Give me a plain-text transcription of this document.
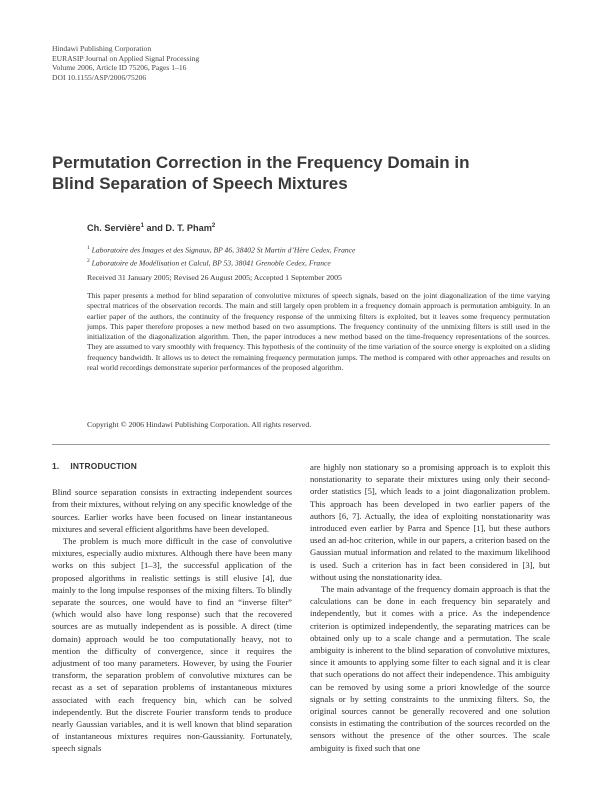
Hindawi Publishing Corporation
EURASIP Journal on Applied Signal Processing
Volume 2006, Article ID 75206, Pages 1–16
DOI 10.1155/ASP/2006/75206
Permutation Correction in the Frequency Domain in
Blind Separation of Speech Mixtures
Ch. Servière$^1$ and D. T. Pham$^2$
$^1$ Laboratoire des Images et des Signaux, BP 46, 38402 St Martin d’Hère Cedex, France
$^2$ Laboratoire de Modélisation et Calcul, BP 53, 38041 Grenoble Cedex, France
Received 31 January 2005; Revised 26 August 2005; Accepted 1 September 2005

This paper presents a method for blind separation of convolutive mixtures of speech signals, based on the joint diagonalization of the time varying spectral matrices of the observation records. The main and still largely open problem in a frequency domain approach is permutation ambiguity. In an earlier paper of the authors, the continuity of the frequency response of the unmixing filters is exploited, but it leaves some frequency permutation jumps. This paper therefore proposes a new method based on two assumptions. The frequency continuity of the unmixing filters is still used in the initialization of the diagonalization algorithm. Then, the paper introduces a new method based on the time-frequency representations of the sources. They are assumed to vary smoothly with frequency. This hypothesis of the continuity of the time variation of the source energy is exploited on a sliding frequency bandwidth. It allows us to detect the remaining frequency permutation jumps. The method is compared with other approaches and results on real world recordings demonstrate superior performances of the proposed algorithm.

Copyright © 2006 Hindawi Publishing Corporation. All rights reserved.
1. INTRODUCTION

Blind source separation consists in extracting independent sources from their mixtures, without relying on any specific knowledge of the sources. Earlier works have been focused on linear instantaneous mixtures and several efficient algorithms have been developed.

The problem is much more difficult in the case of convolutive mixtures, especially audio mixtures. Although there have been many works on this subject [1–3], the successful application of the proposed algorithms in realistic settings is still elusive [4], due mainly to the long impulse responses of the mixing filters. To blindly separate the sources, one would have to find an “inverse filter” (which would also have long response) such that the recovered sources are as mutually independent as is possible. A direct (time domain) approach would be too computationally heavy, not to mention the difficulty of convergence, since it requires the adjustment of too many parameters. However, by using the Fourier transform, the separation problem of convolutive mixtures can be recast as a set of separation problems of instantaneous mixtures associated with each frequency bin, which can be solved independently. But the discrete Fourier transform tends to produce nearly Gaussian variables, and it is well known that blind separation of instantaneous mixtures requires non-Gaussianity. Fortunately, speech signals

are highly non stationary so a promising approach is to exploit this nonstationarity to separate their mixtures using only their second-order statistics [5], which leads to a joint diagonalization problem. This approach has been developed in two earlier papers of the authors [6, 7]. Actually, the idea of exploiting nonstationarity was introduced even earlier by Parra and Spence [1], but these authors used an ad-hoc criterion, while in our papers, a criterion based on the Gaussian mutual information and related to the maximum likelihood is used. Such a criterion has in fact been considered in [3], but without using the nonstationarity idea.

The main advantage of the frequency domain approach is that the calculations can be done in each frequency bin separately and independently, but it comes with a price. As the independence criterion is optimized independently, the separating matrices can be obtained only up to a scale change and a permutation. The scale ambiguity is inherent to the blind separation of convolutive mixtures, since it amounts to applying some filter to each signal and it is clear that such operations do not affect their independence. This ambiguity can be removed by using some a priori knowledge of the source signals or by setting constraints to the unmixing filters. So, the original sources cannot be generally recovered and one solution consists in estimating the contribution of the sources recorded on the sensors without the presence of the other sources. The scale ambiguity is fixed such that one
